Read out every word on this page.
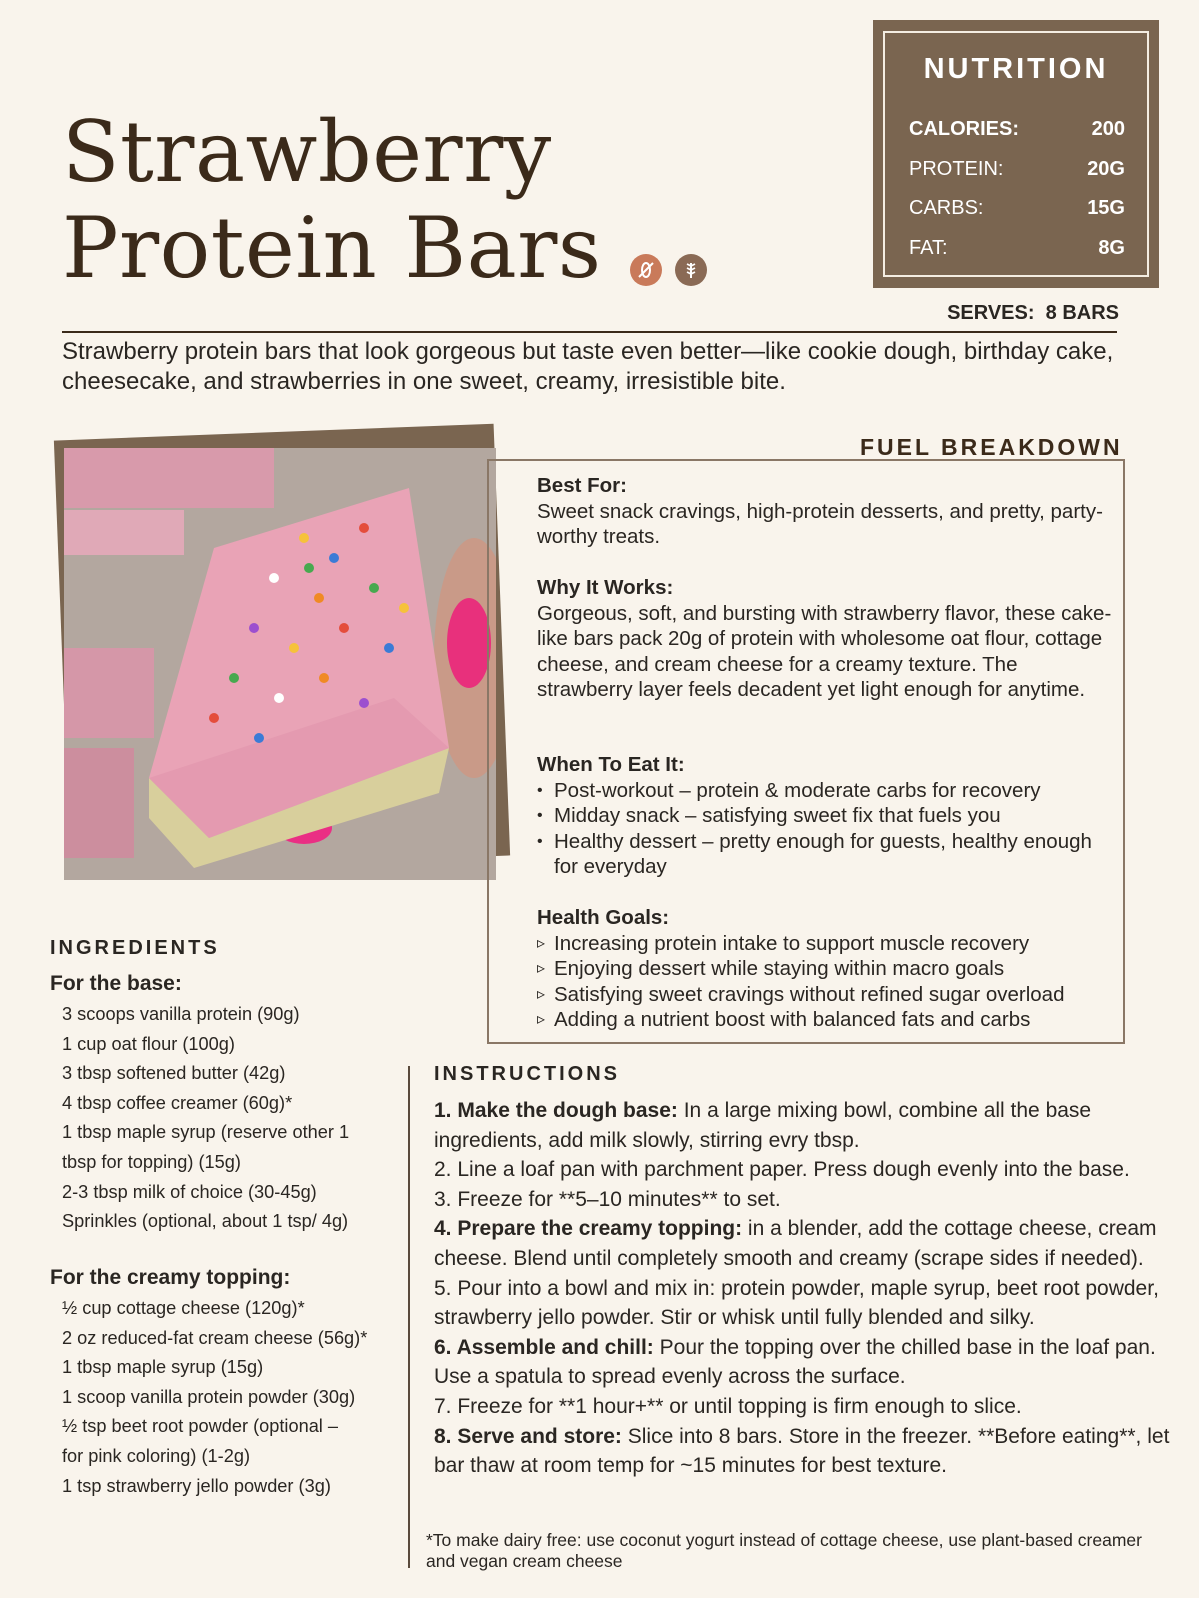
Strawberry
Protein Bars
NUTRITION
CALORIES:	200
PROTEIN:	20G
CARBS:	15G
FAT:	8G
SERVES: 8 BARS
Strawberry protein bars that look gorgeous but taste even better—like cookie dough, birthday cake, cheesecake, and strawberries in one sweet, creamy, irresistible bite.
FUEL BREAKDOWN
Best For:

Sweet snack cravings, high-protein desserts, and pretty, party-worthy treats.

Why It Works:

Gorgeous, soft, and bursting with strawberry flavor, these cake-like bars pack 20g of protein with wholesome oat flour, cottage cheese, and cream cheese for a creamy texture. The strawberry layer feels decadent yet light enough for anytime.

When To Eat It:
• Post-workout – protein & moderate carbs for recovery
• Midday snack – satisfying sweet fix that fuels you
• Healthy dessert – pretty enough for guests, healthy enough for everyday
Health Goals:
▹ Increasing protein intake to support muscle recovery
▹ Enjoying dessert while staying within macro goals
▹ Satisfying sweet cravings without refined sugar overload
▹ Adding a nutrient boost with balanced fats and carbs
INGREDIENTS
For the base:
3 scoops vanilla protein (90g)
1 cup oat flour (100g)
3 tbsp softened butter (42g)
4 tbsp coffee creamer (60g)*
1 tbsp maple syrup (reserve other 1
tbsp for topping) (15g)
2-3 tbsp milk of choice (30-45g)
Sprinkles (optional, about 1 tsp/ 4g)
For the creamy topping:
½ cup cottage cheese (120g)*
2 oz reduced-fat cream cheese (56g)*
1 tbsp maple syrup (15g)
1 scoop vanilla protein powder (30g)
½ tsp beet root powder (optional –
for pink coloring) (1-2g)
1 tsp strawberry jello powder (3g)
INSTRUCTIONS

1. Make the dough base: In a large mixing bowl, combine all the base ingredients, add milk slowly, stirring evry tbsp.

2. Line a loaf pan with parchment paper. Press dough evenly into the base.

3. Freeze for **5–10 minutes** to set.

4. Prepare the creamy topping: in a blender, add the cottage cheese, cream cheese. Blend until completely smooth and creamy (scrape sides if needed).

5. Pour into a bowl and mix in: protein powder, maple syrup, beet root powder, strawberry jello powder. Stir or whisk until fully blended and silky.

6. Assemble and chill: Pour the topping over the chilled base in the loaf pan. Use a spatula to spread evenly across the surface.

7. Freeze for **1 hour+** or until topping is firm enough to slice.

8. Serve and store: Slice into 8 bars. Store in the freezer. **Before eating**, let bar thaw at room temp for ~15 minutes for best texture.

*To make dairy free: use coconut yogurt instead of cottage cheese, use plant-based creamer and vegan cream cheese
